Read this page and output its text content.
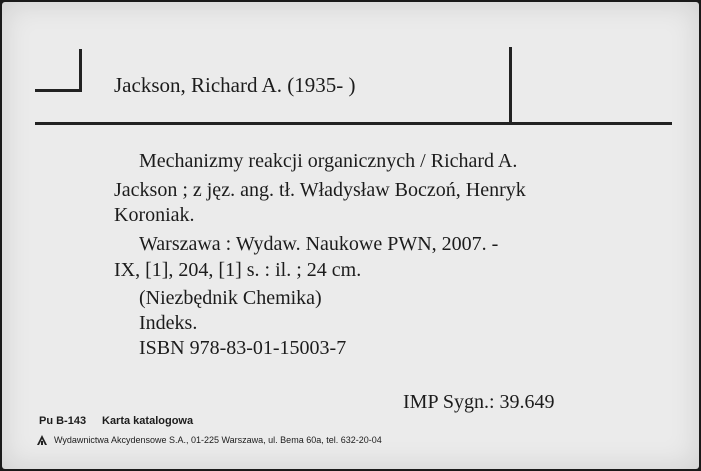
Jackson, Richard A. (1935- )
Mechanizmy reakcji organicznych / Richard A.
Jackson ; z jęz. ang. tł. Władysław Boczoń, Henryk
Koroniak.
Warszawa : Wydaw. Naukowe PWN, 2007. -
IX, [1], 204, [1] s. : il. ; 24 cm.
(Niezbędnik Chemika)
Indeks.
ISBN 978-83-01-15003-7
IMP Sygn.: 39.649
Pu B-143 Karta katalogowa
Wydawnictwa Akcydensowe S.A., 01-225 Warszawa, ul. Bema 60a, tel. 632-20-04
